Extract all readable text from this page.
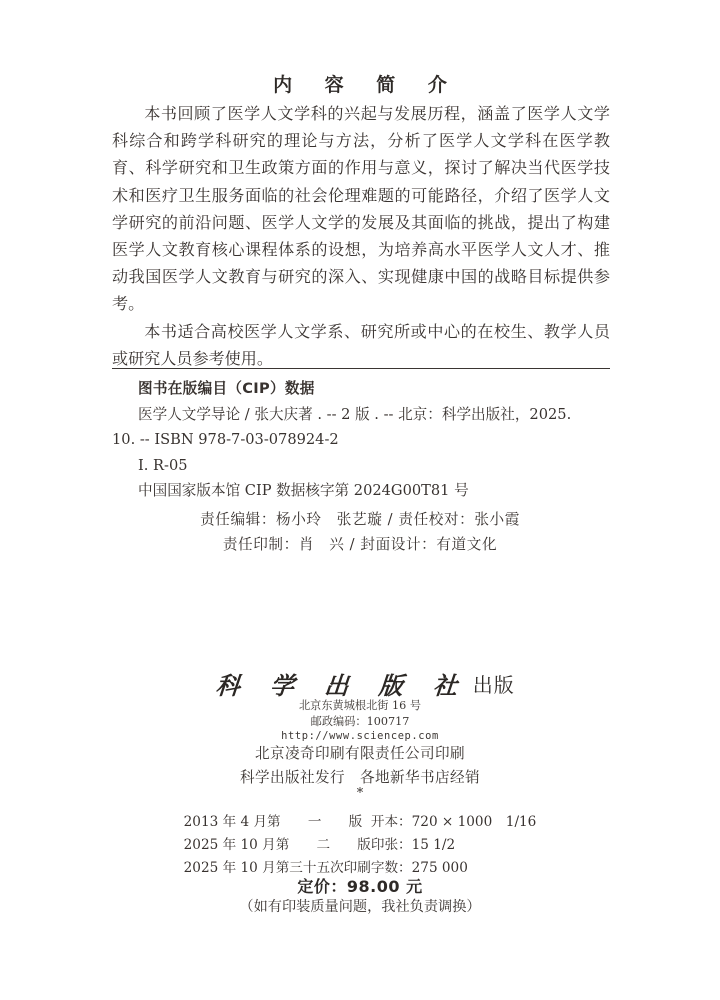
内 容 简 介

本书回顾了医学人文学科的兴起与发展历程，涵盖了医学人文学科综合和跨学科研究的理论与方法，分析了医学人文学科在医学教育、科学研究和卫生政策方面的作用与意义，探讨了解决当代医学技术和医疗卫生服务面临的社会伦理难题的可能路径，介绍了医学人文学研究的前沿问题、医学人文学的发展及其面临的挑战，提出了构建医学人文教育核心课程体系的设想，为培养高水平医学人文人才、推动我国医学人文教育与研究的深入、实现健康中国的战略目标提供参考。

本书适合高校医学人文学系、研究所或中心的在校生、教学人员或研究人员参考使用。

图书在版编目（CIP）数据
医学人文学导论 / 张大庆著 . -- 2 版 . -- 北京：科学出版社，2025.
10. -- ISBN 978-7-03-078924-2
Ⅰ. R-05
中国国家版本馆 CIP 数据核字第 2024G00T81 号
责任编辑：杨小玲　张艺璇 / 责任校对：张小霞
责任印制：肖　兴 / 封面设计：有道文化
科 学 出 版 社 出版
北京东黄城根北街 16 号
邮政编码：100717
http://www.sciencep.com
北京凌奇印刷有限责任公司印刷
科学出版社发行　各地新华书店经销
*
2013 年 4 月第　　一　　版	开本：720 × 1000　1/16
2025 年 10 月第　　二　　版	印张：15 1/2
2025 年 10 月第三十五次印刷	字数：275 000
定价：98.00 元
（如有印装质量问题，我社负责调换）
